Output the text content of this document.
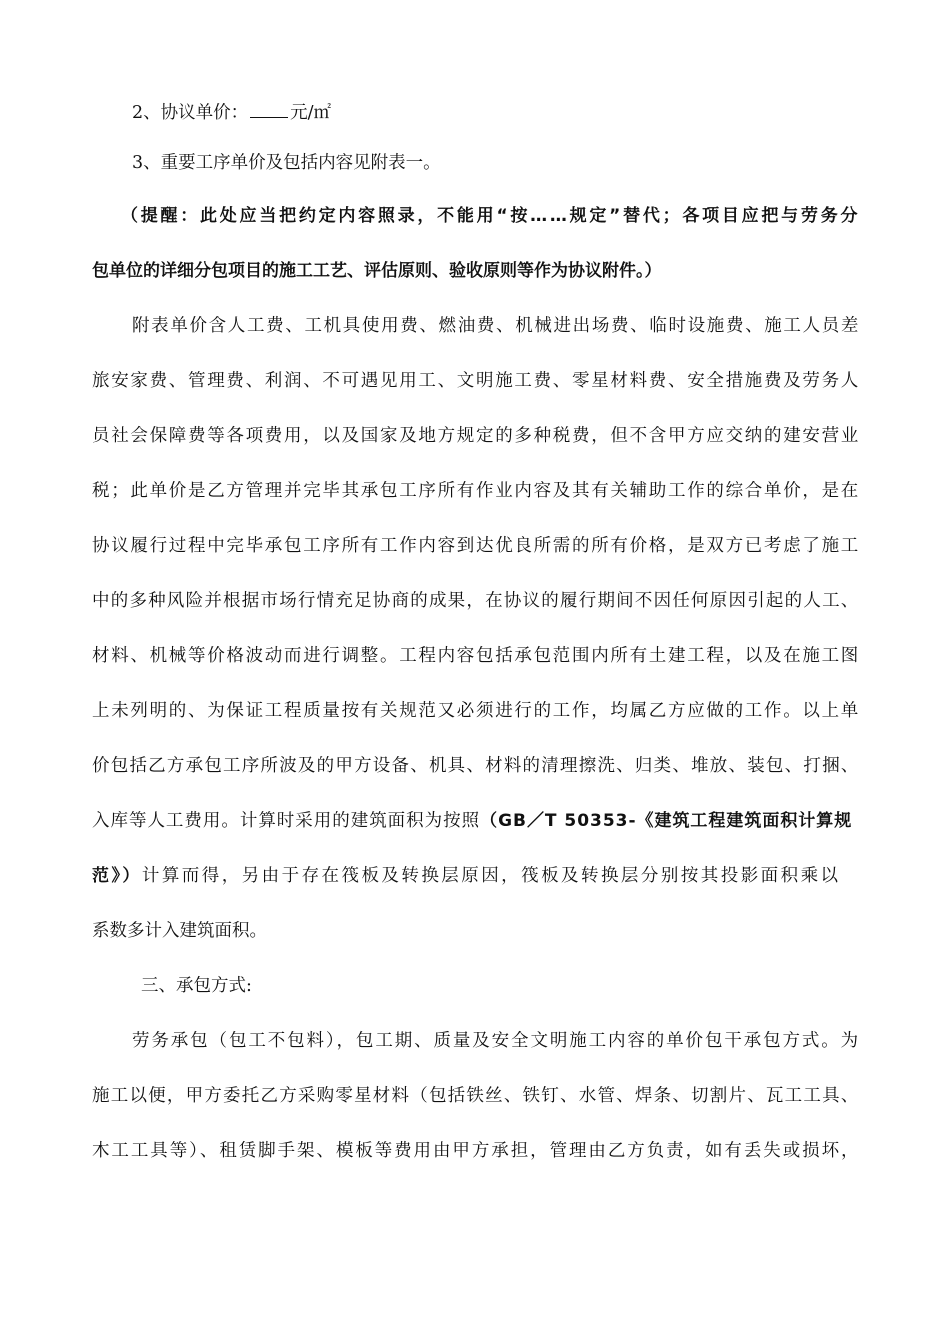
2、协议单价： 元/㎡
3、重要工序单价及包括内容见附表一。
（提醒：此处应当把约定内容照录，不能用“按……规定”替代；各项目应把与劳务分
包单位的详细分包项目的施工工艺、评估原则、验收原则等作为协议附件。）
附表单价含人工费、工机具使用费、燃油费、机械进出场费、临时设施费、施工人员差
旅安家费、管理费、利润、不可遇见用工、文明施工费、零星材料费、安全措施费及劳务人
员社会保障费等各项费用，以及国家及地方规定的多种税费，但不含甲方应交纳的建安营业
税；此单价是乙方管理并完毕其承包工序所有作业内容及其有关辅助工作的综合单价，是在
协议履行过程中完毕承包工序所有工作内容到达优良所需的所有价格，是双方已考虑了施工
中的多种风险并根据市场行情充足协商的成果，在协议的履行期间不因任何原因引起的人工、
材料、机械等价格波动而进行调整。工程内容包括承包范围内所有土建工程，以及在施工图
上未列明的、为保证工程质量按有关规范又必须进行的工作，均属乙方应做的工作。以上单
价包括乙方承包工序所波及的甲方设备、机具、材料的清理擦洗、归类、堆放、装包、打捆、
入库等人工费用。计算时采用的建筑面积为按照（GB／T 50353-《建筑工程建筑面积计算规
范》）计算而得，另由于存在筏板及转换层原因，筏板及转换层分别按其投影面积乘以
系数多计入建筑面积。
三、承包方式:
劳务承包（包工不包料），包工期、质量及安全文明施工内容的单价包干承包方式。为
施工以便，甲方委托乙方采购零星材料（包括铁丝、铁钉、水管、焊条、切割片、瓦工工具、
木工工具等）、租赁脚手架、模板等费用由甲方承担，管理由乙方负责，如有丢失或损坏，
